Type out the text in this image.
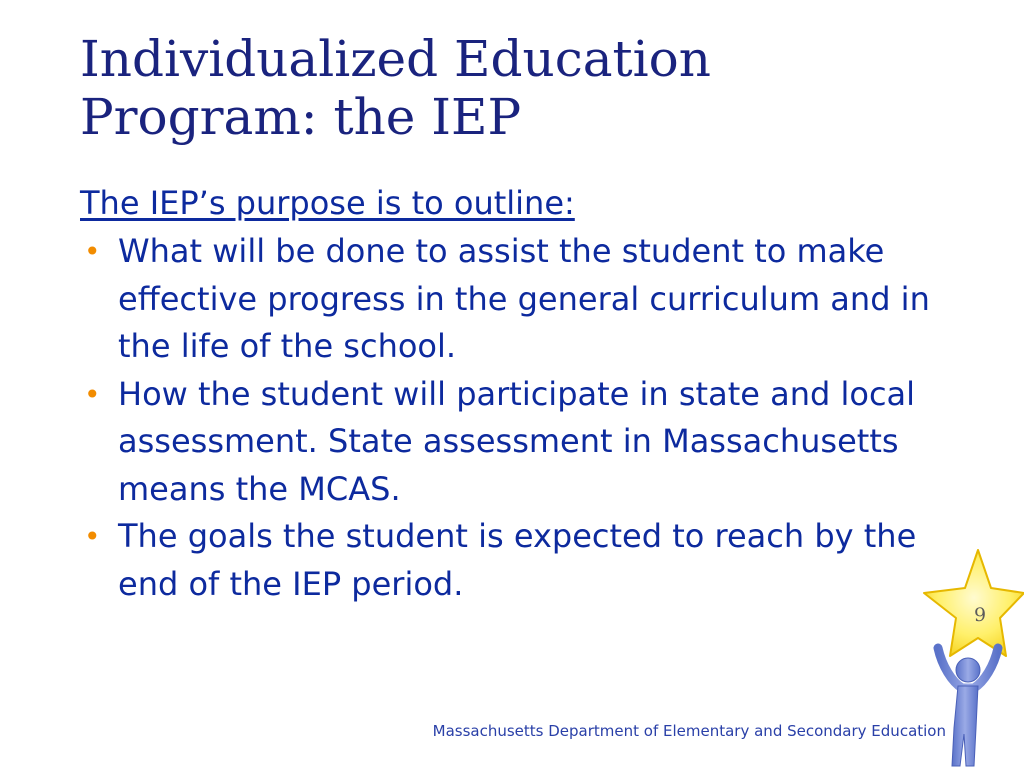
Individualized Education
Program: the IEP

The IEP’s purpose is to outline:

• What will be done to assist the student to make effective progress in the general curriculum and in the life of the school.
• How the student will participate in state and local assessment. State assessment in Massachusetts means the MCAS.
• The goals the student is expected to reach by the end of the IEP period.
9
Massachusetts Department of Elementary and Secondary Education
